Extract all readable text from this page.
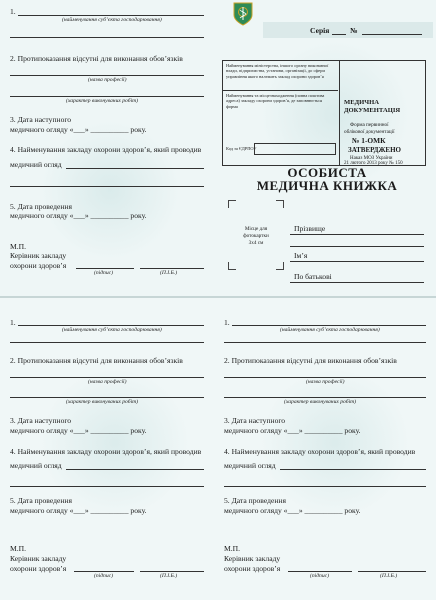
1.
(найменування суб’єкта господарювання)
2. Протипоказання відсутні для виконання обов’язків
(назва професії)
(характер виконуваних робіт)
3. Дата наступного
медичного огляду «___» __________ року.
4. Найменування закладу охорони здоров’я, який проводив
медичний огляд
5. Дата проведення
медичного огляду «___» __________ року.
М.П.
Керівник закладу
охорони здоров’я
(підпис)	(П.І.Б.)
Серія	№
Найменування міністерства, іншого органу виконавчої влади, підприємства, установи, організації, до сфери управління якого належить заклад охорони здоров’я
Найменування та місцезнаходження (повна поштова адреса) закладу охорони здоров’я, де заповнюється форма
Код за ЄДРПОУ
МЕДИЧНА
ДОКУМЕНТАЦІЯ
Форма первинної
облікової документації
№ 1-ОМК
ЗАТВЕРДЖЕНО
Наказ МОЗ України
21 лютого 2013 року № 150
ОСОБИСТА
МЕДИЧНА КНИЖКА
Місце для
фотокартки
3х4 см
Прізвище
Ім’я
По батькові
1.
(найменування суб’єкта господарювання)
2. Протипоказання відсутні для виконання обов’язків
(назва професії)
(характер виконуваних робіт)
3. Дата наступного
медичного огляду «___» __________ року.
4. Найменування закладу охорони здоров’я, який проводив
медичний огляд
5. Дата проведення
медичного огляду «___» __________ року.
М.П.
Керівник закладу
охорони здоров’я
(підпис)	(П.І.Б.)
1.
(найменування суб’єкта господарювання)
2. Протипоказання відсутні для виконання обов’язків
(назва професії)
(характер виконуваних робіт)
3. Дата наступного
медичного огляду «___» __________ року.
4. Найменування закладу охорони здоров’я, який проводив
медичний огляд
5. Дата проведення
медичного огляду «___» __________ року.
М.П.
Керівник закладу
охорони здоров’я
(підпис)	(П.І.Б.)
